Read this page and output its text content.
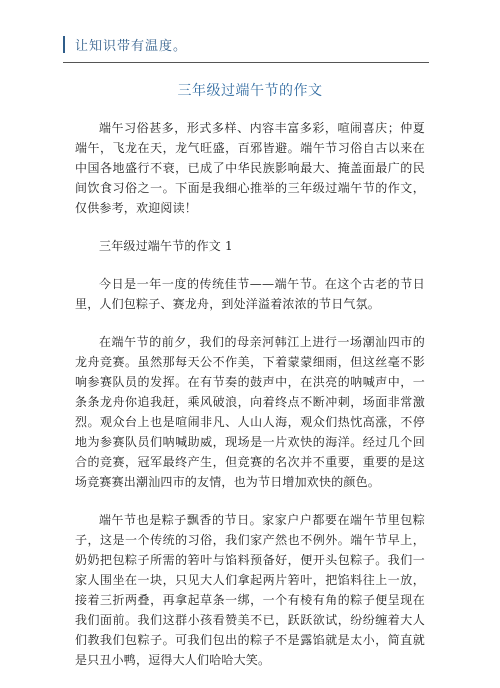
让知识带有温度。
三年级过端午节的作文

端午习俗甚多，形式多样、内容丰富多彩，喧闹喜庆；仲夏端午，飞龙在天，龙气旺盛，百邪皆避。端午节习俗自古以来在中国各地盛行不衰，已成了中华民族影响最大、掩盖面最广的民间饮食习俗之一。下面是我细心推举的三年级过端午节的作文，仅供参考，欢迎阅读！

三年级过端午节的作文 1

今日是一年一度的传统佳节——端午节。在这个古老的节日里，人们包粽子、赛龙舟，到处洋溢着浓浓的节日气氛。

在端午节的前夕，我们的母亲河韩江上进行一场潮汕四市的龙舟竞赛。虽然那每天公不作美，下着蒙蒙细雨，但这丝毫不影响参赛队员的发挥。在有节奏的鼓声中，在洪亮的呐喊声中，一条条龙舟你追我赶，乘风破浪，向着终点不断冲刺，场面非常激烈。观众台上也是喧闹非凡、人山人海，观众们热忱高涨，不停地为参赛队员们呐喊助威，现场是一片欢快的海洋。经过几个回合的竞赛，冠军最终产生，但竞赛的名次并不重要，重要的是这场竞赛赛出潮汕四市的友情，也为节日增加欢快的颜色。

端午节也是粽子飘香的节日。家家户户都要在端午节里包粽子，这是一个传统的习俗，我们家产然也不例外。端午节早上，奶奶把包粽子所需的箬叶与馅料预备好，便开头包粽子。我们一家人围坐在一块，只见大人们拿起两片箬叶，把馅料往上一放，接着三折两叠，再拿起草条一绑，一个有棱有角的粽子便呈现在我们面前。我们这群小孩看赞美不已，跃跃欲试，纷纷缠着大人们教我们包粽子。可我们包出的粽子不是露馅就是太小，简直就是只丑小鸭，逗得大人们哈哈大笑。
